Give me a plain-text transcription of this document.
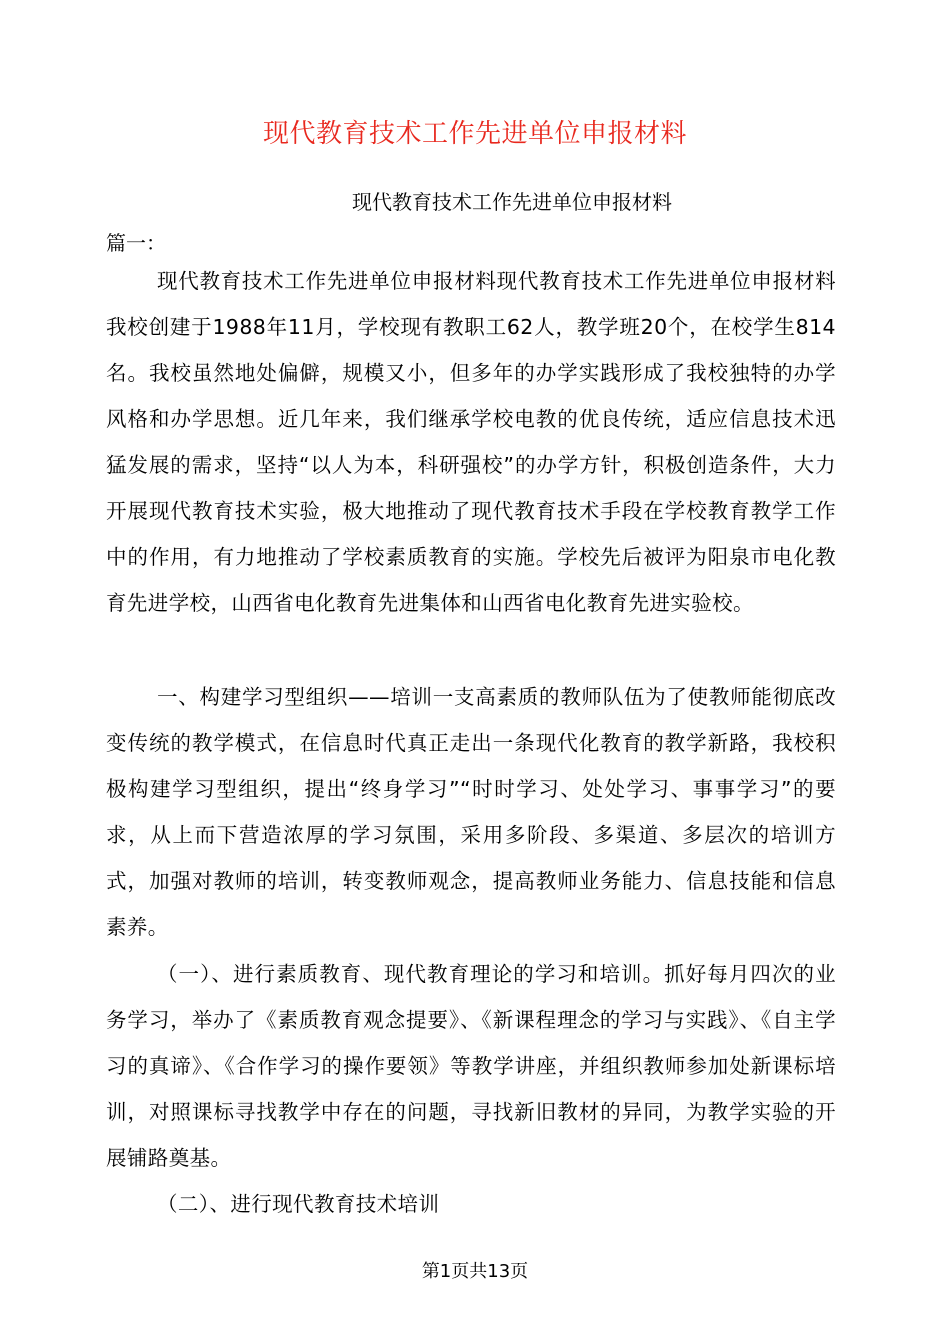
现代教育技术工作先进单位申报材料
现代教育技术工作先进单位申报材料
篇一：

现代教育技术工作先进单位申报材料现代教育技术工作先进单位申报材料我校创建于1988年11月，学校现有教职工62人，教学班20个，在校学生814名。我校虽然地处偏僻，规模又小，但多年的办学实践形成了我校独特的办学风格和办学思想。近几年来，我们继承学校电教的优良传统，适应信息技术迅猛发展的需求，坚持“以人为本，科研强校”的办学方针，积极创造条件，大力开展现代教育技术实验，极大地推动了现代教育技术手段在学校教育教学工作中的作用，有力地推动了学校素质教育的实施。学校先后被评为阳泉市电化教育先进学校，山西省电化教育先进集体和山西省电化教育先进实验校。

一、构建学习型组织——培训一支高素质的教师队伍为了使教师能彻底改变传统的教学模式，在信息时代真正走出一条现代化教育的教学新路，我校积极构建学习型组织，提出“终身学习”“时时学习、处处学习、事事学习”的要求，从上而下营造浓厚的学习氛围，采用多阶段、多渠道、多层次的培训方式，加强对教师的培训，转变教师观念，提高教师业务能力、信息技能和信息素养。

（一）、进行素质教育、现代教育理论的学习和培训。抓好每月四次的业务学习，举办了《素质教育观念提要》、《新课程理念的学习与实践》、《自主学习的真谛》、《合作学习的操作要领》等教学讲座，并组织教师参加处新课标培训，对照课标寻找教学中存在的问题，寻找新旧教材的异同，为教学实验的开展铺路奠基。

（二）、进行现代教育技术培训

第1页共13页
